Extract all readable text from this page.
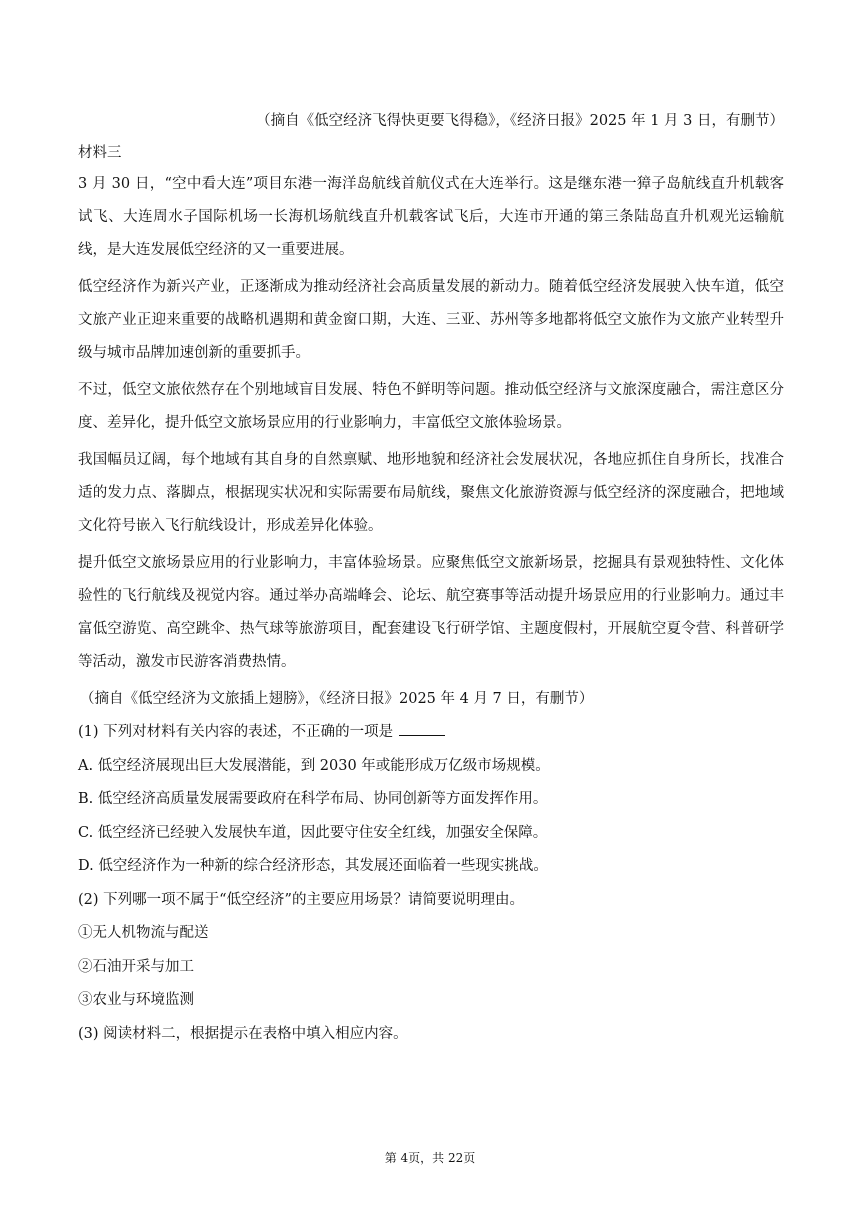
（摘自《低空经济飞得快更要飞得稳》，《经济日报》2025 年 1 月 3 日，有删节）

材料三

3 月 30 日，“空中看大连”项目东港一海洋岛航线首航仪式在大连举行。这是继东港一獐子岛航线直升机载客试飞、大连周水子国际机场一长海机场航线直升机载客试飞后，大连市开通的第三条陆岛直升机观光运输航线，是大连发展低空经济的又一重要进展。

低空经济作为新兴产业，正逐渐成为推动经济社会高质量发展的新动力。随着低空经济发展驶入快车道，低空文旅产业正迎来重要的战略机遇期和黄金窗口期，大连、三亚、苏州等多地都将低空文旅作为文旅产业转型升级与城市品牌加速创新的重要抓手。

不过，低空文旅依然存在个别地域盲目发展、特色不鲜明等问题。推动低空经济与文旅深度融合，需注意区分度、差异化，提升低空文旅场景应用的行业影响力，丰富低空文旅体验场景。

我国幅员辽阔，每个地域有其自身的自然禀赋、地形地貌和经济社会发展状况，各地应抓住自身所长，找准合适的发力点、落脚点，根据现实状况和实际需要布局航线，聚焦文化旅游资源与低空经济的深度融合，把地域文化符号嵌入飞行航线设计，形成差异化体验。

提升低空文旅场景应用的行业影响力，丰富体验场景。应聚焦低空文旅新场景，挖掘具有景观独特性、文化体验性的飞行航线及视觉内容。通过举办高端峰会、论坛、航空赛事等活动提升场景应用的行业影响力。通过丰富低空游览、高空跳伞、热气球等旅游项目，配套建设飞行研学馆、主题度假村，开展航空夏令营、科普研学等活动，激发市民游客消费热情。

（摘自《低空经济为文旅插上翅膀》，《经济日报》2025 年 4 月 7 日，有删节）

(1) 下列对材料有关内容的表述，不正确的一项是

A. 低空经济展现出巨大发展潜能，到 2030 年或能形成万亿级市场规模。

B. 低空经济高质量发展需要政府在科学布局、协同创新等方面发挥作用。

C. 低空经济已经驶入发展快车道，因此要守住安全红线，加强安全保障。

D. 低空经济作为一种新的综合经济形态，其发展还面临着一些现实挑战。

(2) 下列哪一项不属于“低空经济”的主要应用场景？请简要说明理由。

①无人机物流与配送

②石油开采与加工

③农业与环境监测

(3) 阅读材料二，根据提示在表格中填入相应内容。

第 4页，共 22页
